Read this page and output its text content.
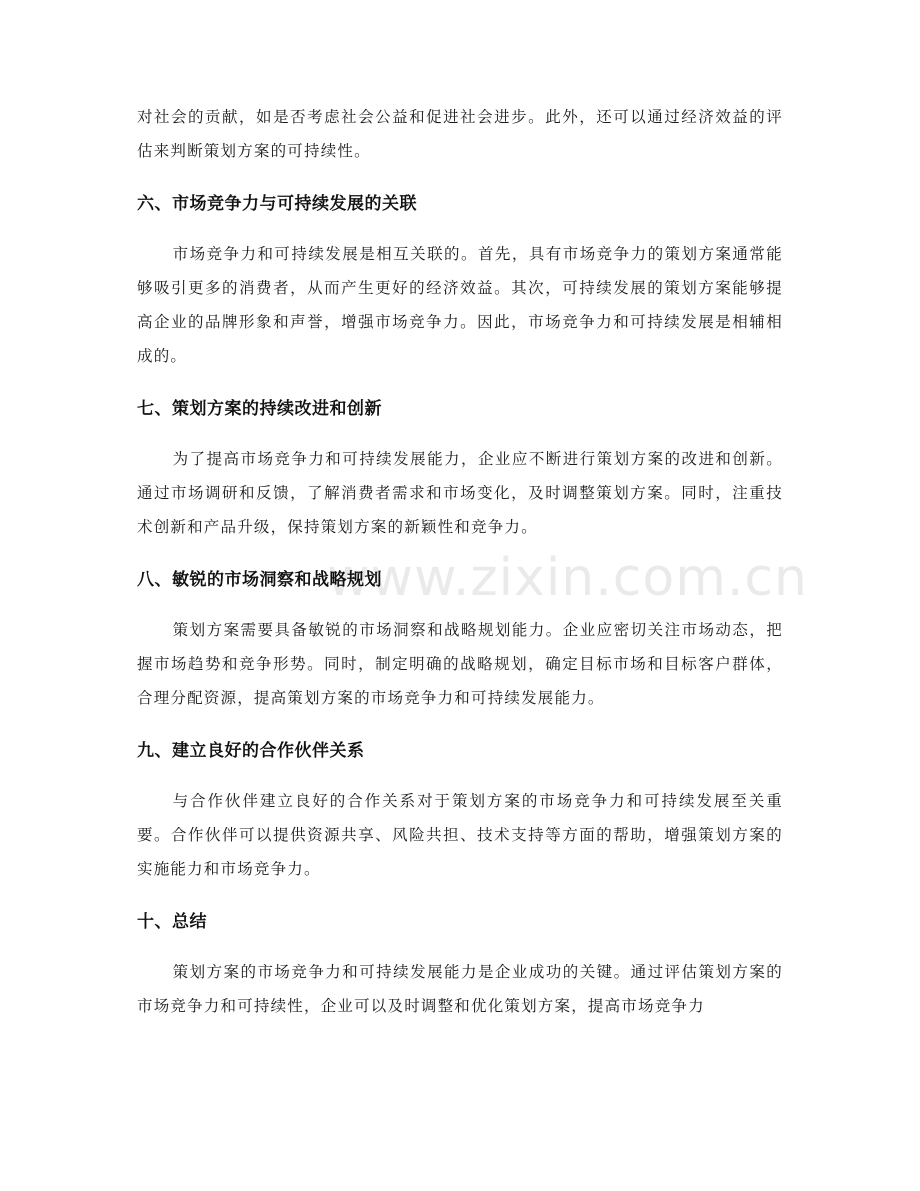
www.zixin.com.cn

对社会的贡献，如是否考虑社会公益和促进社会进步。此外，还可以通过经济效益的评估来判断策划方案的可持续性。

六、市场竞争力与可持续发展的关联

市场竞争力和可持续发展是相互关联的。首先，具有市场竞争力的策划方案通常能够吸引更多的消费者，从而产生更好的经济效益。其次，可持续发展的策划方案能够提高企业的品牌形象和声誉，增强市场竞争力。因此，市场竞争力和可持续发展是相辅相成的。

七、策划方案的持续改进和创新

为了提高市场竞争力和可持续发展能力，企业应不断进行策划方案的改进和创新。通过市场调研和反馈，了解消费者需求和市场变化，及时调整策划方案。同时，注重技术创新和产品升级，保持策划方案的新颖性和竞争力。

八、敏锐的市场洞察和战略规划

策划方案需要具备敏锐的市场洞察和战略规划能力。企业应密切关注市场动态，把握市场趋势和竞争形势。同时，制定明确的战略规划，确定目标市场和目标客户群体，合理分配资源，提高策划方案的市场竞争力和可持续发展能力。

九、建立良好的合作伙伴关系

与合作伙伴建立良好的合作关系对于策划方案的市场竞争力和可持续发展至关重要。合作伙伴可以提供资源共享、风险共担、技术支持等方面的帮助，增强策划方案的实施能力和市场竞争力。

十、总结

策划方案的市场竞争力和可持续发展能力是企业成功的关键。通过评估策划方案的市场竞争力和可持续性，企业可以及时调整和优化策划方案，提高市场竞争力
